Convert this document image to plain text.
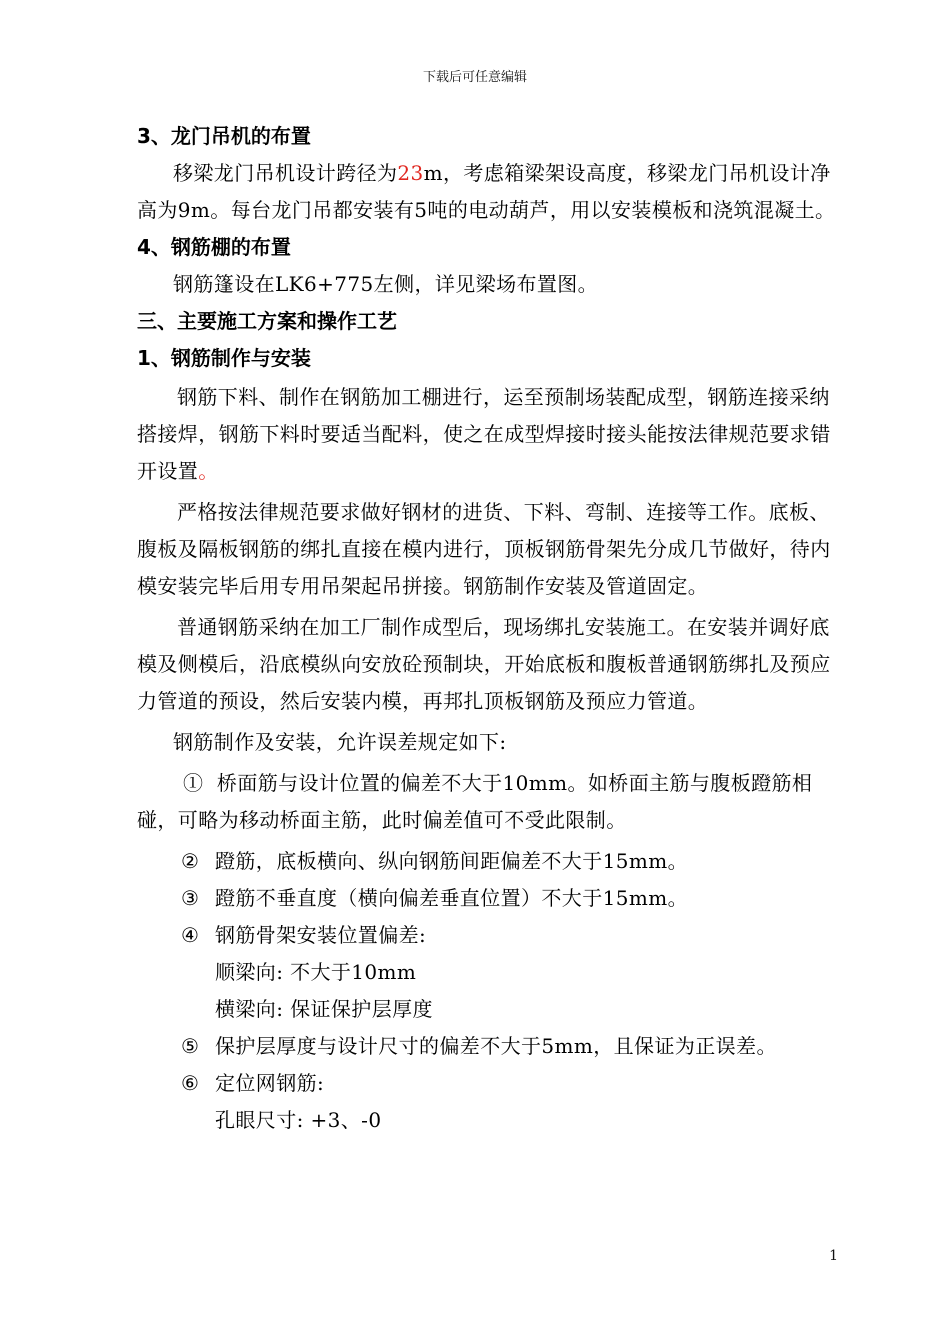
下载后可任意编辑
3、龙门吊机的布置

移梁龙门吊机设计跨径为23m，考虑箱梁架设高度，移梁龙门吊机设计净高为9m。每台龙门吊都安装有5吨的电动葫芦，用以安装模板和浇筑混凝土。

4、钢筋棚的布置

钢筋篷设在LK6+775左侧，详见梁场布置图。

三、主要施工方案和操作工艺
1、钢筋制作与安装

钢筋下料、制作在钢筋加工棚进行，运至预制场装配成型，钢筋连接采纳搭接焊，钢筋下料时要适当配料，使之在成型焊接时接头能按法律规范要求错开设置。

严格按法律规范要求做好钢材的进货、下料、弯制、连接等工作。底板、腹板及隔板钢筋的绑扎直接在模内进行，顶板钢筋骨架先分成几节做好，待内模安装完毕后用专用吊架起吊拼接。钢筋制作安装及管道固定。

普通钢筋采纳在加工厂制作成型后，现场绑扎安装施工。在安装并调好底模及侧模后，沿底模纵向安放砼预制块，开始底板和腹板普通钢筋绑扎及预应力管道的预设，然后安装内模，再邦扎顶板钢筋及预应力管道。

钢筋制作及安装，允许误差规定如下:

① 桥面筋与设计位置的偏差不大于10mm。如桥面主筋与腹板蹬筋相碰，可略为移动桥面主筋，此时偏差值可不受此限制。

② 蹬筋，底板横向、纵向钢筋间距偏差不大于15mm。

③ 蹬筋不垂直度（横向偏差垂直位置）不大于15mm。

④ 钢筋骨架安装位置偏差:

顺梁向: 不大于10mm

横梁向: 保证保护层厚度

⑤ 保护层厚度与设计尺寸的偏差不大于5mm，且保证为正误差。

⑥ 定位网钢筋:

孔眼尺寸: +3、-0

1
